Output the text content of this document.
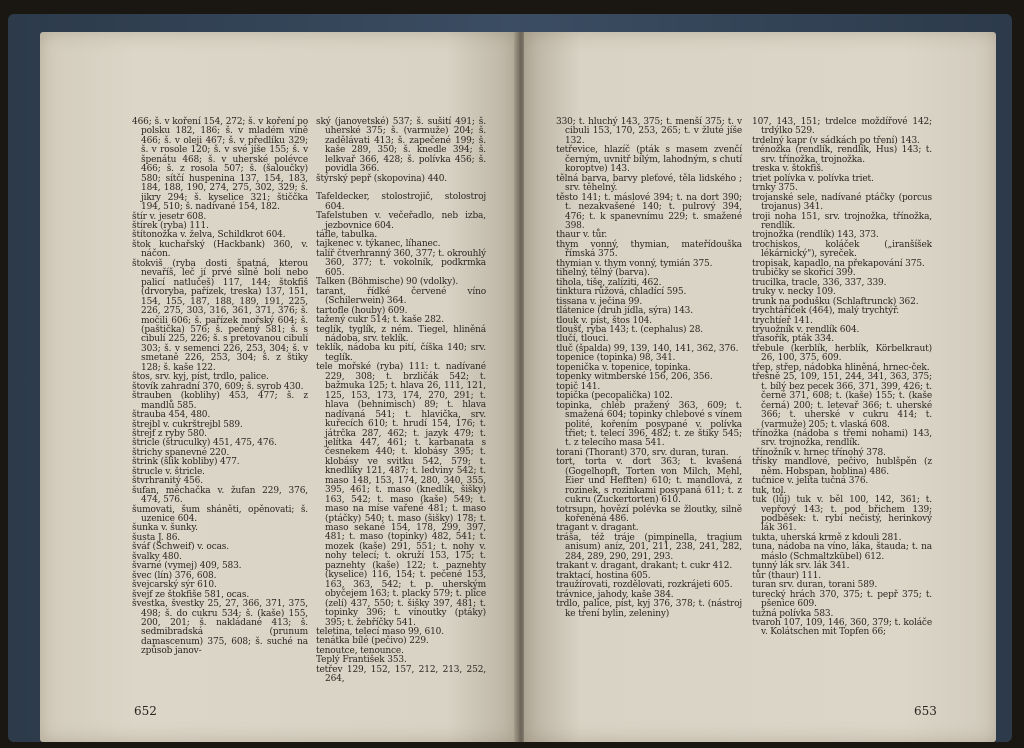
466; š. v koření 154, 272; š. v koření po polsku 182, 186; š. v mladém víně 466; š. v oleji 467; š. v předlíku 329; š. v rosole 120; š. v své jíše 155; š. v špenátu 468; š. v uherské polévce 466; š. z rosola 507; š. (šaloučky) 580; sítčí huspenina 137, 154, 183, 184, 188, 190, 274, 275, 302, 329; š. jikry 294; š. kyselice 321; štiččka 194, 510; š. nadívané 154, 182.

štír v. jesetr 608.

štírek (ryba) 111.

štítonožka v. želva, Schildkrot 604.

štok kuchařský (Hackbank) 360, v. náčon.

štokviš (ryba dosti špatná, kterou nevaříš, leč jí prvé silně bolí nebo palicí natlučeš) 117, 144; štokfiš (drvoryba, pařízek, treska) 137, 151, 154, 155, 187, 188, 189, 191, 225, 226, 275, 303, 316, 361, 371, 376; š. močili 606; š. pařízek mořský 604; š. (paštička) 576; š. pečený 581; š. s cibulí 225, 226; š. s pretovanou cibulí 303; š. v semenci 226, 253, 304; š. v smetaně 226, 253, 304; š. z štiky 128; š. kaše 122.

štos, srv. kyj, píst, trdlo, palice.

štovík zahradní 370, 609; š. syrob 430.

štrauben (koblihy) 453, 477; š. z mandlů 585.

štrauba 454, 480.

štrejbl v. cukrštrejbl 589.

štrejf z ryby 580.

štricle (štruculky) 451, 475, 476.

štrichy spanevné 220.

štrink (šlik kobliby) 477.

štrucle v. štricle.

štvrhranitý 456.

šufan, měchačka v. žufan 229, 376, 474, 576.

šumovati, šum sháněti, opěnovati; š. uzenice 604.

šunka v. šunky.

šusta J. 86.

šváf (Schweif) v. ocas.

švalky 480.

švarné (vymej) 409, 583.

švec (lín) 376, 608.

švejcarský sýr 610.

švejf ze štokfiše 581, ocas.

švestka, švestky 25, 27, 366, 371, 375, 498; š. do cukru 534; š. (kaše) 155, 200, 201; š. nakládané 413; š. sedmibradská (prunum damascenum) 375, 608; š. suché na způsob janov-

ský (janovetské) 537; š. sušití 491; š. uherské 375; š. (varmuže) 204; š. zadělávati 413; š. zapečené 199; š. kaše 289, 350; š. knedle 394; š. lelkvař 366, 428; š. polívka 456; š. povidla 366.

štýrský pepř (skopovina) 440.

Tafeldecker, stolostrojič, stolostroj 604.

Tafelstuben v. večeřadlo, neb izba, jezbovnice 604.

táfle, tabulka.

tajkenec v. týkanec, líhanec.

talíř čtverhranný 360, 377; t. okrouhlý 360, 377; t. vokolník, podkrmka 605.

Talken (Böhmische) 90 (vdolky).

tarant, řídké červené víno (Schilerwein) 364.

tartofle (houby) 609.

tažený cukr 514; t. kaše 282.

teglík, tyglík, z ném. Tiegel, hliněná nádoba, srv. teklík.

teklík, nádoba ku pití, číška 140; srv. teglík.

tele mořské (ryba) 111: t. nadívané 229, 308; t. brzličák 542; t. bažmuka 125; t. hlava 26, 111, 121, 125, 153, 173, 174, 270, 291; t. hlava (behnimisch) 89; t. hlava nadívaná 541; t. hlavička, srv. kuřecích 610; t. hrudí 154, 176; t. játrčka 287, 462; t. jazyk 479; t. jelítka 447, 461; t. karbanata s česnekem 440; t. klobásy 395; t. klobásy ve svitku 542, 579; t. knedlíky 121, 487; t. ledviny 542; t. maso 148, 153, 174, 280, 340, 355, 395, 461; t. maso (knedlík, šišky) 163, 542; t. maso (kaše) 549; t. maso na míse vařené 481; t. maso (ptáčky) 540; t. maso (šišky) 178; t. maso sekané 154, 178, 299, 397, 481; t. maso (topinky) 482, 541; t. mozek (kaše) 291, 551; t. nohy v. nohy telecí; t. okruží 153, 175; t. paznehty (kaše) 122; t. paznehty (kyselice) 116, 154; t. pečené 153, 163, 363, 542; t. p. uherským obyčejem 163; t. placky 579; t. plíce (zelí) 437, 550; t. šišky 397, 481; t. topinky 396; t. vínoutky (ptáky) 395; t. žebříčky 541.

teletina, telecí maso 99, 610.

tenátka bílé (pečivo) 229.

tenoutce, tenounce.

Teplý František 353.

tetřev 129, 152, 157, 212, 213, 252, 264,

652

330; t. hluchý 143, 375; t. menší 375; t. v cibuli 153, 170, 253, 265; t. v žluté jíše 132.

tetřevice, hlazíč (pták s masem zvenčí černým, uvnitř bílým, lahodným, s chutí koroptve) 143.

tělná barva, barvy pleťové, těla lidského ; srv. těhelný.

těsto 141; t. máslové 394; t. na dort 390; t. nezakvašené 140; t. pulrový 394, 476; t. k spanevnímu 229; t. smažené 398.

thaur v. tůr.

thym vonný, thymian, mateřídouška římská 375.

thymian v. thym vonný, tymián 375.

tihelný, tělný (barva).

tihola, tiše, zalíziti, 462.

tinktura růžová, chladící 595.

tissana v. ječina 99.

tlátenice (druh jídla, sýra) 143.

tlouk v. píst, štos 104.

tloušť, ryba 143; t. (cephalus) 28.

tlučí, tlouci.

tluč (špalda) 99, 139, 140, 141, 362, 376.

topenice (topinka) 98, 341.

topenička v. topenice, topinka.

topenky witmberské 156, 206, 356.

topič 141.

topička (pecopalička) 102.

topinka, chléb pražený 363, 609; t. smažená 604; topinky chlebové s vínem polité, kořením posypané v. polívka třiet; t. telecí 396, 482; t. ze štiky 545; t. z telecího masa 541.

torani (Thorant) 370, srv. duran, turan.

tort, torta v. dort 363; t. kvašená (Gogelhopft, Torten von Milch, Mehl, Eier und Hefften) 610; t. mandlová, z rozinek, s rozinkami posypaná 611; t. z cukru (Zuckertorten) 610.

totrsupn, hovězí polévka se žloutky, silně kořeněná 486.

tragant v. dragant.

tráša, též tráje (pimpinella, tragium anisum) aníz, 201, 211, 238, 241, 282, 284, 289, 290, 291, 293.

trakant v. dragant, drakant; t. cukr 412.

traktací, hostina 605.

traužírovati, rozdělovati, rozkrájeti 605.

trávnice, jahody, kaše 384.

trdlo, palice, píst, kyj 376, 378; t. (nástroj ke tření bylin, zeleniny)

107, 143, 151; trdelce moždířové 142; trdýlko 529.

trdelný kapr (v sádkách po tření) 143.

trénožka (rendlík, rendlík, Hus) 143; t. srv. třínožka, trojnožka.

treska v. štokfiš.

triet polívka v. polívka triet.

trnky 375.

trojanské sele, nadívané ptáčky (porcus trojanus) 341.

troji noha 151, srv. trojnožka, třínožka, rendlík.

trojnožka (rendlík) 143, 373.

trochiskos, koláček („iranšíšek lékárnický"), syreček.

tropisak, kapadlo, na překapování 375.

trubičky se skořicí 399.

trucilka, tracle, 336, 337, 339.

truky v. necky 109.

trunk na podušku (Schlaftrunck) 362.

trychtáříček (464), malý trychtýř.

trychtíeř 141.

tryuožník v. rendlík 604.

třasořík, pták 334.

třebule (kerblík, herblík, Körbelkraut) 26, 100, 375, 609.

třep, střep, nádobka hliněná, hrnec-ček.

třešně 25, 109, 151, 244, 341, 363, 375; t. bílý bez pecek 366, 371, 399, 426; t. černé 371, 608; t. (kaše) 155; t. (kaše černá) 200; t. letevař 366; t. uherské 366; t. uherské v cukru 414; t. (varmuže) 205; t. vlaská 608.

třínožka (nádoba s třemi nohami) 143, srv. trojnožka, rendlík.

třínožník v. hrnec třínohý 378.

třísky mandlové, pečivo, hublšpěn (z něm. Hobspan, hoblina) 486.

tučnice v. jelita tučná 376.

tuk, tol.

tuk (lůj) tuk v. běl 100, 142, 361; t. vepřový 143; t. pod břichem 139; podběšek: t. rybí nečistý, herinkový lák 361.

tukta, uherská krmě z kdouli 281.

tuna, nádoba na víno, láka, štauda; t. na máslo (Schmaltzkübel) 612.

tunný lák srv. lák 341.

tůr (thaur) 111.

turan srv. duran, torani 589.

turecký hrách 370, 375; t. pepř 375; t. pšenice 609.

tužná polívka 583.

tvaroh 107, 109, 146, 360, 379; t. koláče v. Kolátschen mit Topfen 66;

653
